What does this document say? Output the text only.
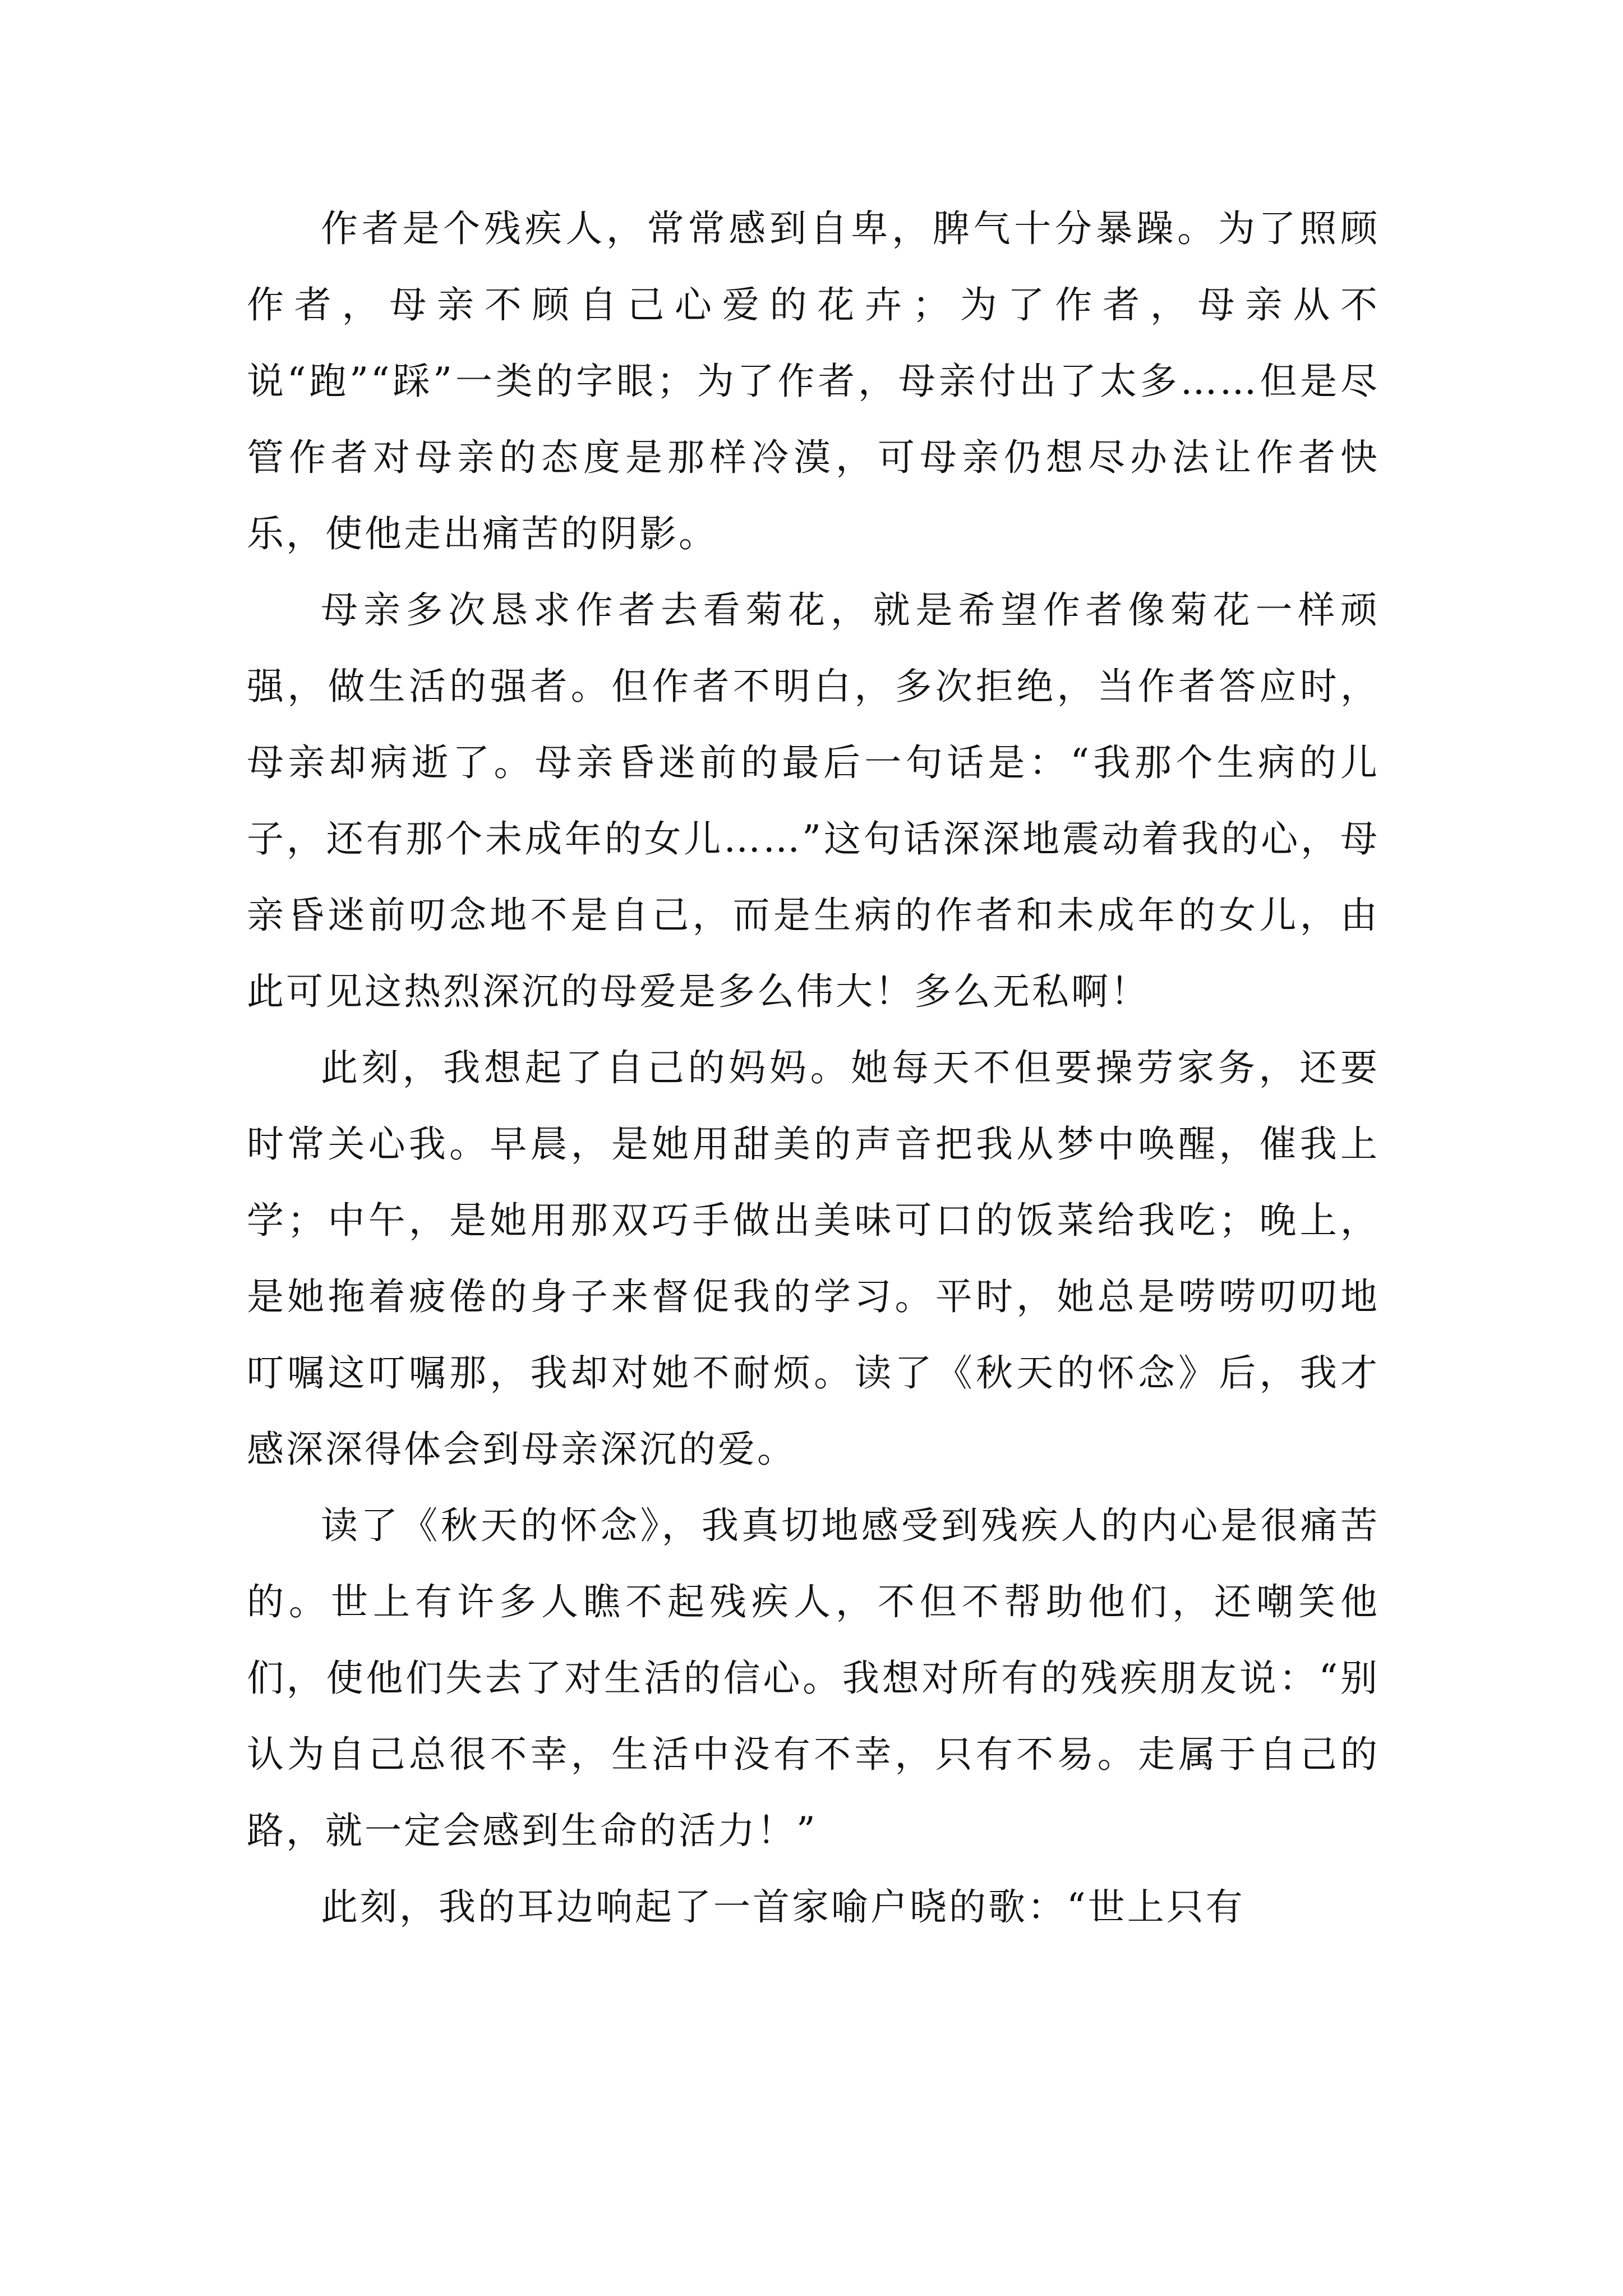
作者是个残疾人，常常感到自卑，脾气十分暴躁。为了照顾作者，母亲不顾自己心爱的花卉；为了作者，母亲从不说“跑”“踩”一类的字眼；为了作者，母亲付出了太多……但是尽管作者对母亲的态度是那样冷漠，可母亲仍想尽办法让作者快乐，使他走出痛苦的阴影。

母亲多次恳求作者去看菊花，就是希望作者像菊花一样顽强，做生活的强者。但作者不明白，多次拒绝，当作者答应时，母亲却病逝了。母亲昏迷前的最后一句话是：“我那个生病的儿子，还有那个未成年的女儿……”这句话深深地震动着我的心，母亲昏迷前叨念地不是自己，而是生病的作者和未成年的女儿，由此可见这热烈深沉的母爱是多么伟大！多么无私啊！

此刻，我想起了自己的妈妈。她每天不但要操劳家务，还要时常关心我。早晨，是她用甜美的声音把我从梦中唤醒，催我上学；中午，是她用那双巧手做出美味可口的饭菜给我吃；晚上，是她拖着疲倦的身子来督促我的学习。平时，她总是唠唠叨叨地叮嘱这叮嘱那，我却对她不耐烦。读了《秋天的怀念》后，我才感深深得体会到母亲深沉的爱。

读了《秋天的怀念》，我真切地感受到残疾人的内心是很痛苦的。世上有许多人瞧不起残疾人，不但不帮助他们，还嘲笑他们，使他们失去了对生活的信心。我想对所有的残疾朋友说：“别认为自己总很不幸，生活中没有不幸，只有不易。走属于自己的路，就一定会感到生命的活力！”

此刻，我的耳边响起了一首家喻户晓的歌：“世上只有
